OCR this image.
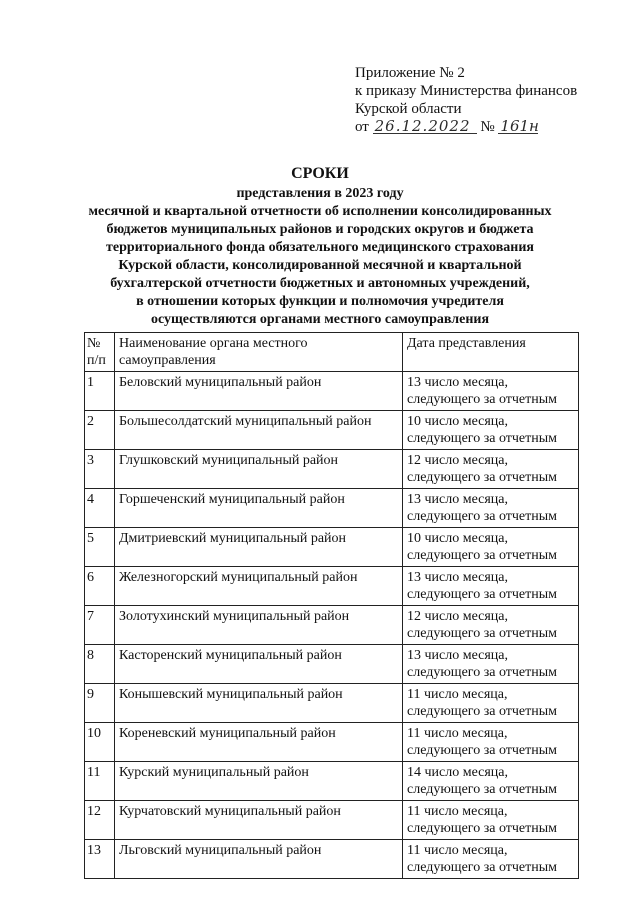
Приложение № 2
к приказу Министерства финансов
Курской области
от 26.12.2022 № 161н
СРОКИ
представления в 2023 году
месячной и квартальной отчетности об исполнении консолидированных
бюджетов муниципальных районов и городских округов и бюджета
территориального фонда обязательного медицинского страхования
Курской области, консолидированной месячной и квартальной
бухгалтерской отчетности бюджетных и автономных учреждений,
в отношении которых функции и полномочия учредителя
осуществляются органами местного самоуправления
№ п/п	Наименование органа местного самоуправления	Дата представления
1	Беловский муниципальный район	13 число месяца, следующего за отчетным
2	Большесолдатский муниципальный район	10 число месяца, следующего за отчетным
3	Глушковский муниципальный район	12 число месяца, следующего за отчетным
4	Горшеченский муниципальный район	13 число месяца, следующего за отчетным
5	Дмитриевский муниципальный район	10 число месяца, следующего за отчетным
6	Железногорский муниципальный район	13 число месяца, следующего за отчетным
7	Золотухинский муниципальный район	12 число месяца, следующего за отчетным
8	Касторенский муниципальный район	13 число месяца, следующего за отчетным
9	Конышевский муниципальный район	11 число месяца, следующего за отчетным
10	Кореневский муниципальный район	11 число месяца, следующего за отчетным
11	Курский муниципальный район	14 число месяца, следующего за отчетным
12	Курчатовский муниципальный район	11 число месяца, следующего за отчетным
13	Льговский муниципальный район	11 число месяца, следующего за отчетным
